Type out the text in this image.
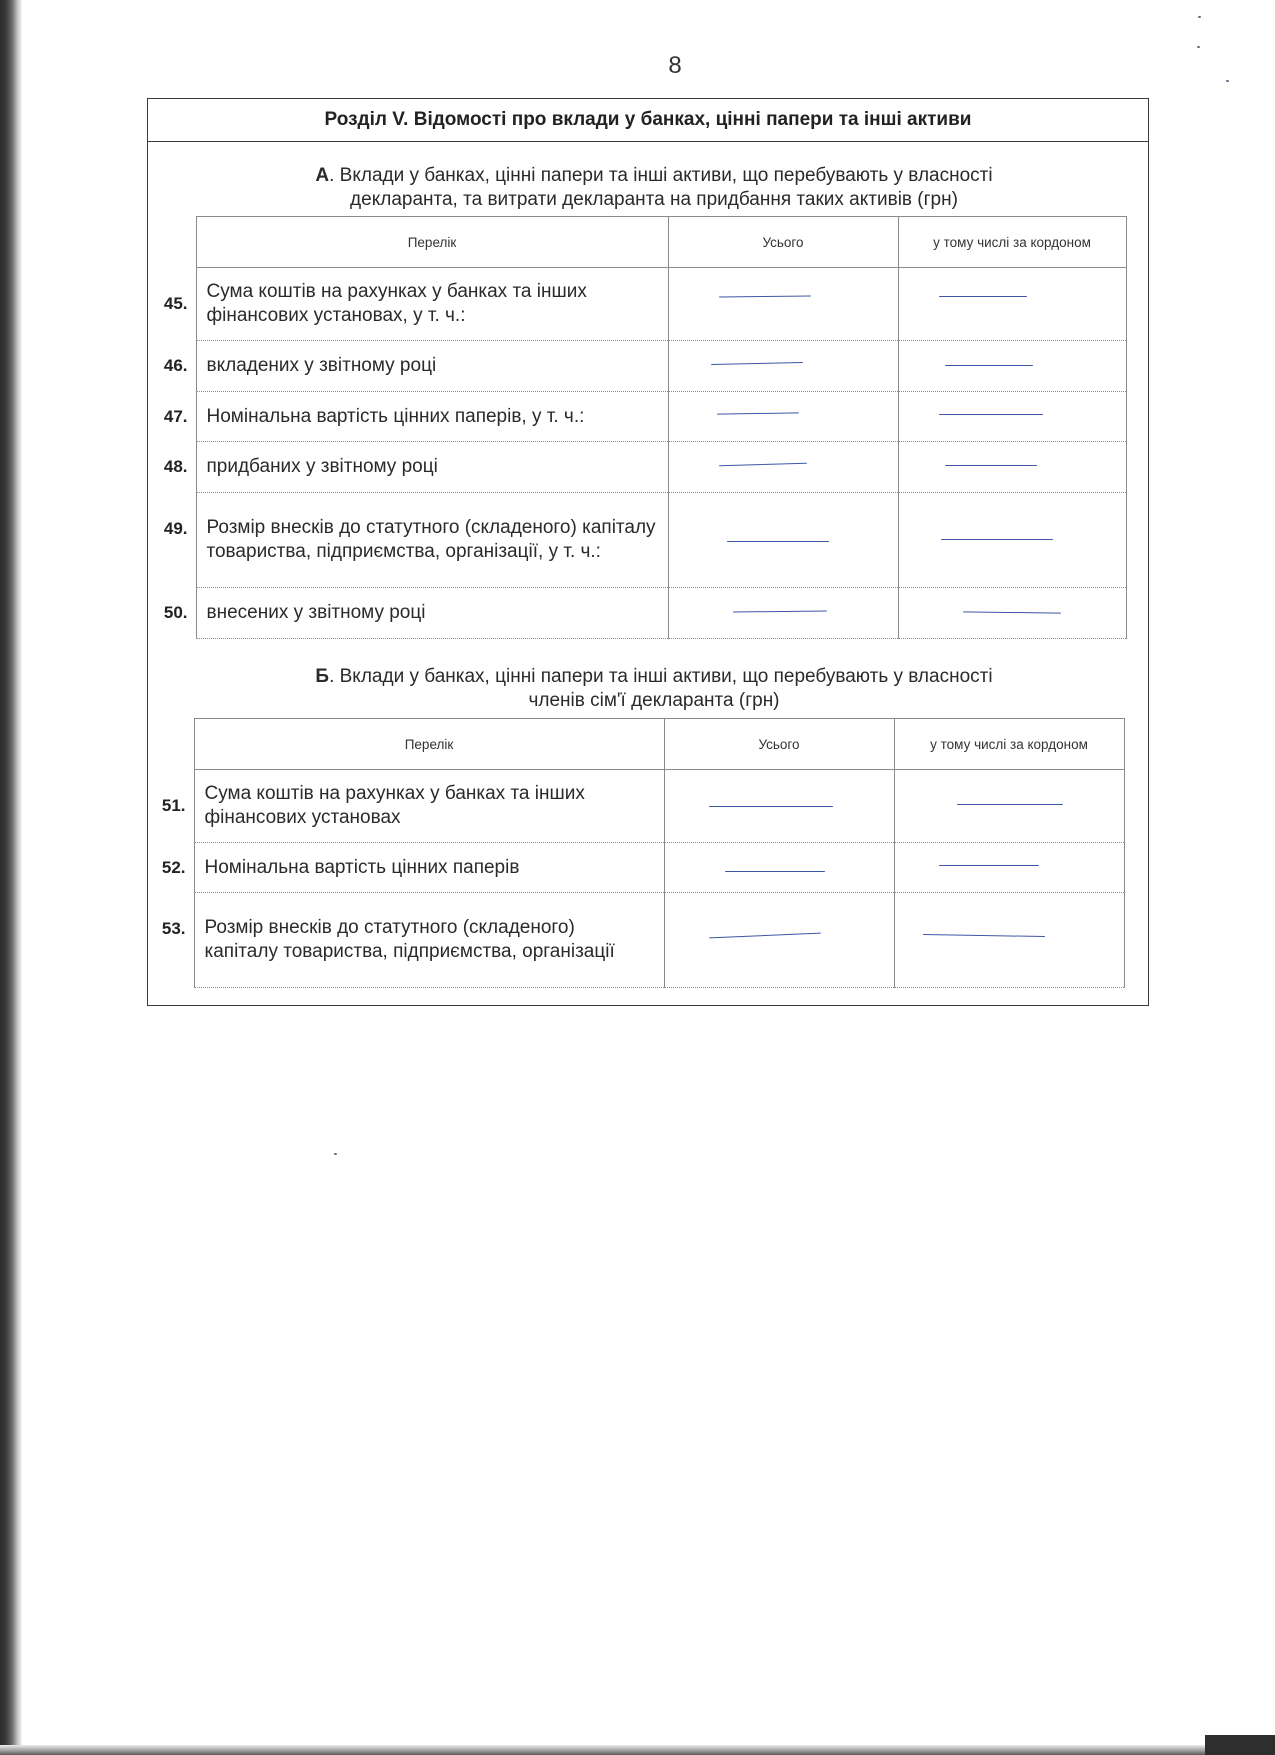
8
Розділ V. Відомості про вклади у банках, цінні папери та інші активи
А. Вклади у банках, цінні папери та інші активи, що перебувають у власності
декларанта, та витрати декларанта на придбання таких активів (грн)
	Перелік	Усього	у тому числі за кордоном
45.	Сума коштів на рахунках у банках та інших фінансових установах, у т. ч.:	

46.	вкладених у звітному році	

47.	Номінальна вартість цінних паперів, у т. ч.:	

48.	придбаних у звітному році	

49.	Розмір внесків до статутного (складеного) капіталу товариства, підприємства, організації, у т. ч.:	

50.	внесених у звітному році	

Б. Вклади у банках, цінні папери та інші активи, що перебувають у власності
членів сім'ї декларанта (грн)
	Перелік	Усього	у тому числі за кордоном
51.	Сума коштів на рахунках у банках та інших фінансових установах	

52.	Номінальна вартість цінних паперів	

53.	Розмір внесків до статутного (складеного) капіталу товариства, підприємства, організації	
